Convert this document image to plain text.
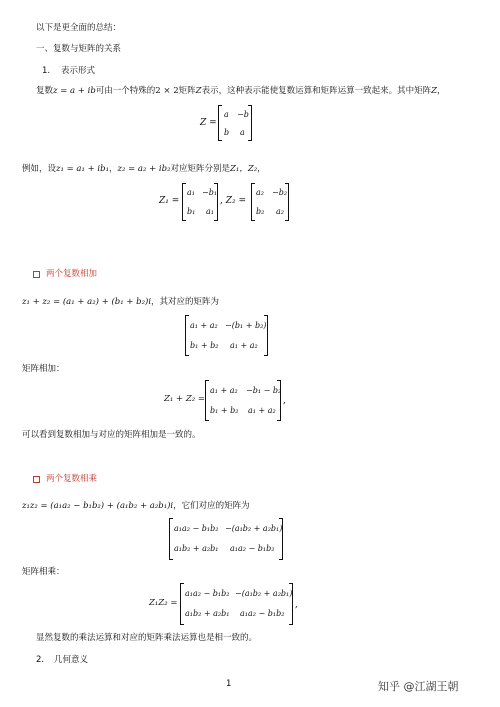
以下是更全面的总结：
一、复数与矩阵的关系
1. 表示形式
复数z = a + ib可由一个特殊的2 × 2矩阵Z表示，这种表示能使复数运算和矩阵运算一致起来。其中矩阵Z，
Z =
a −b
b a
例如，设z₁ = a₁ + ib₁，z₂ = a₂ + ib₂对应矩阵分别是Z₁，Z₂，
Z₁ =
a₁ −b₁
b₁ a₁
, Z₂ =
a₂ −b₂
b₂ a₂
两个复数相加
z₁ + z₂ = (a₁ + a₂) + (b₁ + b₂)i，其对应的矩阵为
a₁ + a₂ −(b₁ + b₂)
b₁ + b₂ a₁ + a₂
矩阵相加：
Z₁ + Z₂ =
a₁ + a₂ −b₁ − b₂
b₁ + b₂ a₁ + a₂
,
可以看到复数相加与对应的矩阵相加是一致的。
两个复数相乘
z₁z₂ = (a₁a₂ − b₁b₂) + (a₁b₂ + a₂b₁)i，它们对应的矩阵为
a₁a₂ − b₁b₂ −(a₁b₂ + a₂b₁)
a₁b₂ + a₂b₁ a₁a₂ − b₁b₂
矩阵相乘：
Z₁Z₂ =
a₁a₂ − b₁b₂ −(a₁b₂ + a₂b₁)
a₁b₂ + a₂b₁ a₁a₂ − b₁b₂
,
显然复数的乘法运算和对应的矩阵乘法运算也是相一致的。
2. 几何意义
1	知乎 @江湖王朝
